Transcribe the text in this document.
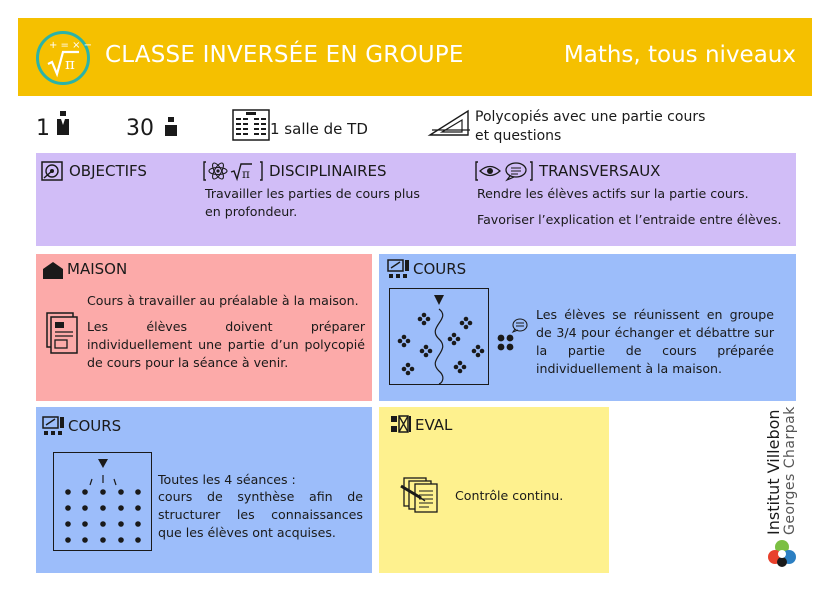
+ = × −
π CLASSE INVERSÉE EN GROUPE	Maths, tous niveaux
1	30	1 salle de TD
Polycopiés avec une partie cours
et questions
OBJECTIFS	π DISCIPLINAIRES

Travailler les parties de cours plus

en profondeur.

TRANSVERSAUX

Rendre les élèves actifs sur la partie cours.

Favoriser l’explication et l’entraide entre élèves.

MAISON

Cours à travailler au préalable à la maison.

Les élèves doivent préparer individuellement une partie d’un polycopié de cours pour la séance à venir.

COURS

Les élèves se réunissent en groupe de 3/4 pour échanger et débattre sur la partie de cours préparée individuellement à la maison.

COURS

Toutes les 4 séances :

cours de synthèse afin de structurer les connaissances que les élèves ont acquises.

EVAL

Contrôle continu.	Institut Villebon Georges Charpak
